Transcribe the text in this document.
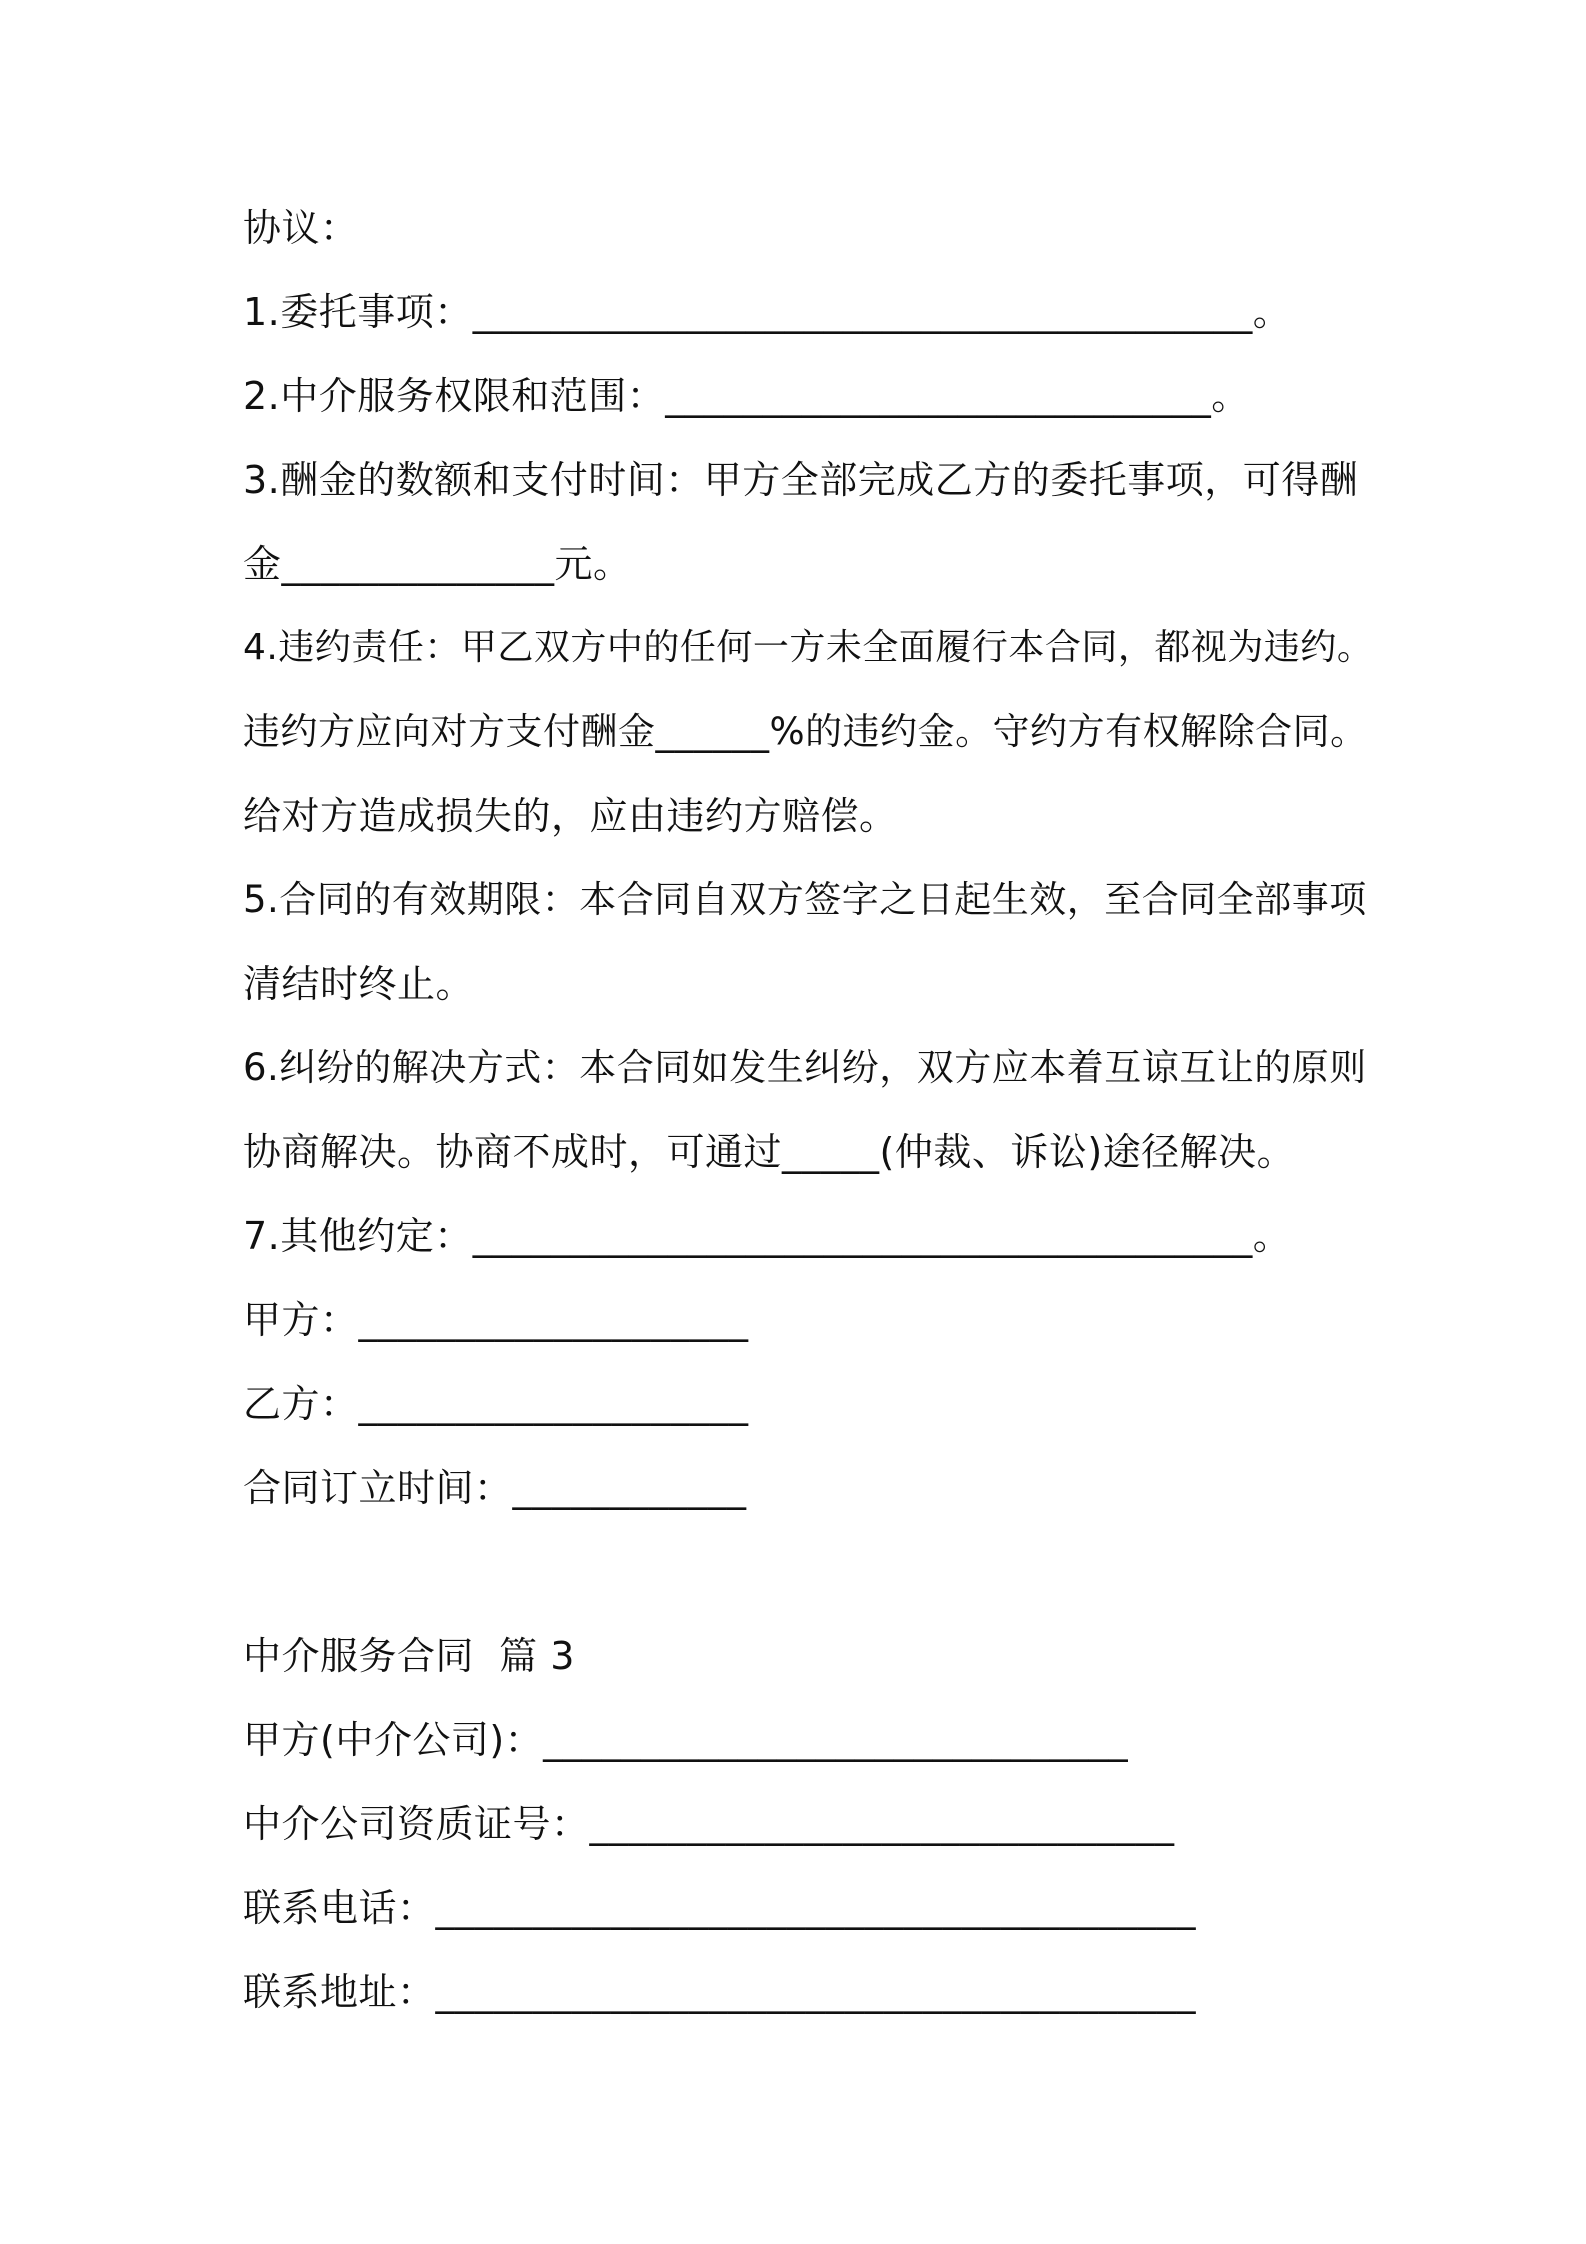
协议：
1.委托事项：________________________________________。
2.中介服务权限和范围：____________________________。
3.酬金的数额和支付时间：甲方全部完成乙方的委托事项，可得酬
金______________元。
4.违约责任：甲乙双方中的任何一方未全面履行本合同，都视为违约。
违约方应向对方支付酬金______%的违约金。守约方有权解除合同。
给对方造成损失的，应由违约方赔偿。
5.合同的有效期限：本合同自双方签字之日起生效，至合同全部事项
清结时终止。
6.纠纷的解决方式：本合同如发生纠纷，双方应本着互谅互让的原则
协商解决。协商不成时，可通过_____(仲裁、诉讼)途径解决。
7.其他约定：________________________________________。
甲方：____________________
乙方：____________________
合同订立时间：____________
中介服务合同  篇 3
甲方(中介公司)：______________________________
中介公司资质证号：______________________________
联系电话：_______________________________________
联系地址：_______________________________________
